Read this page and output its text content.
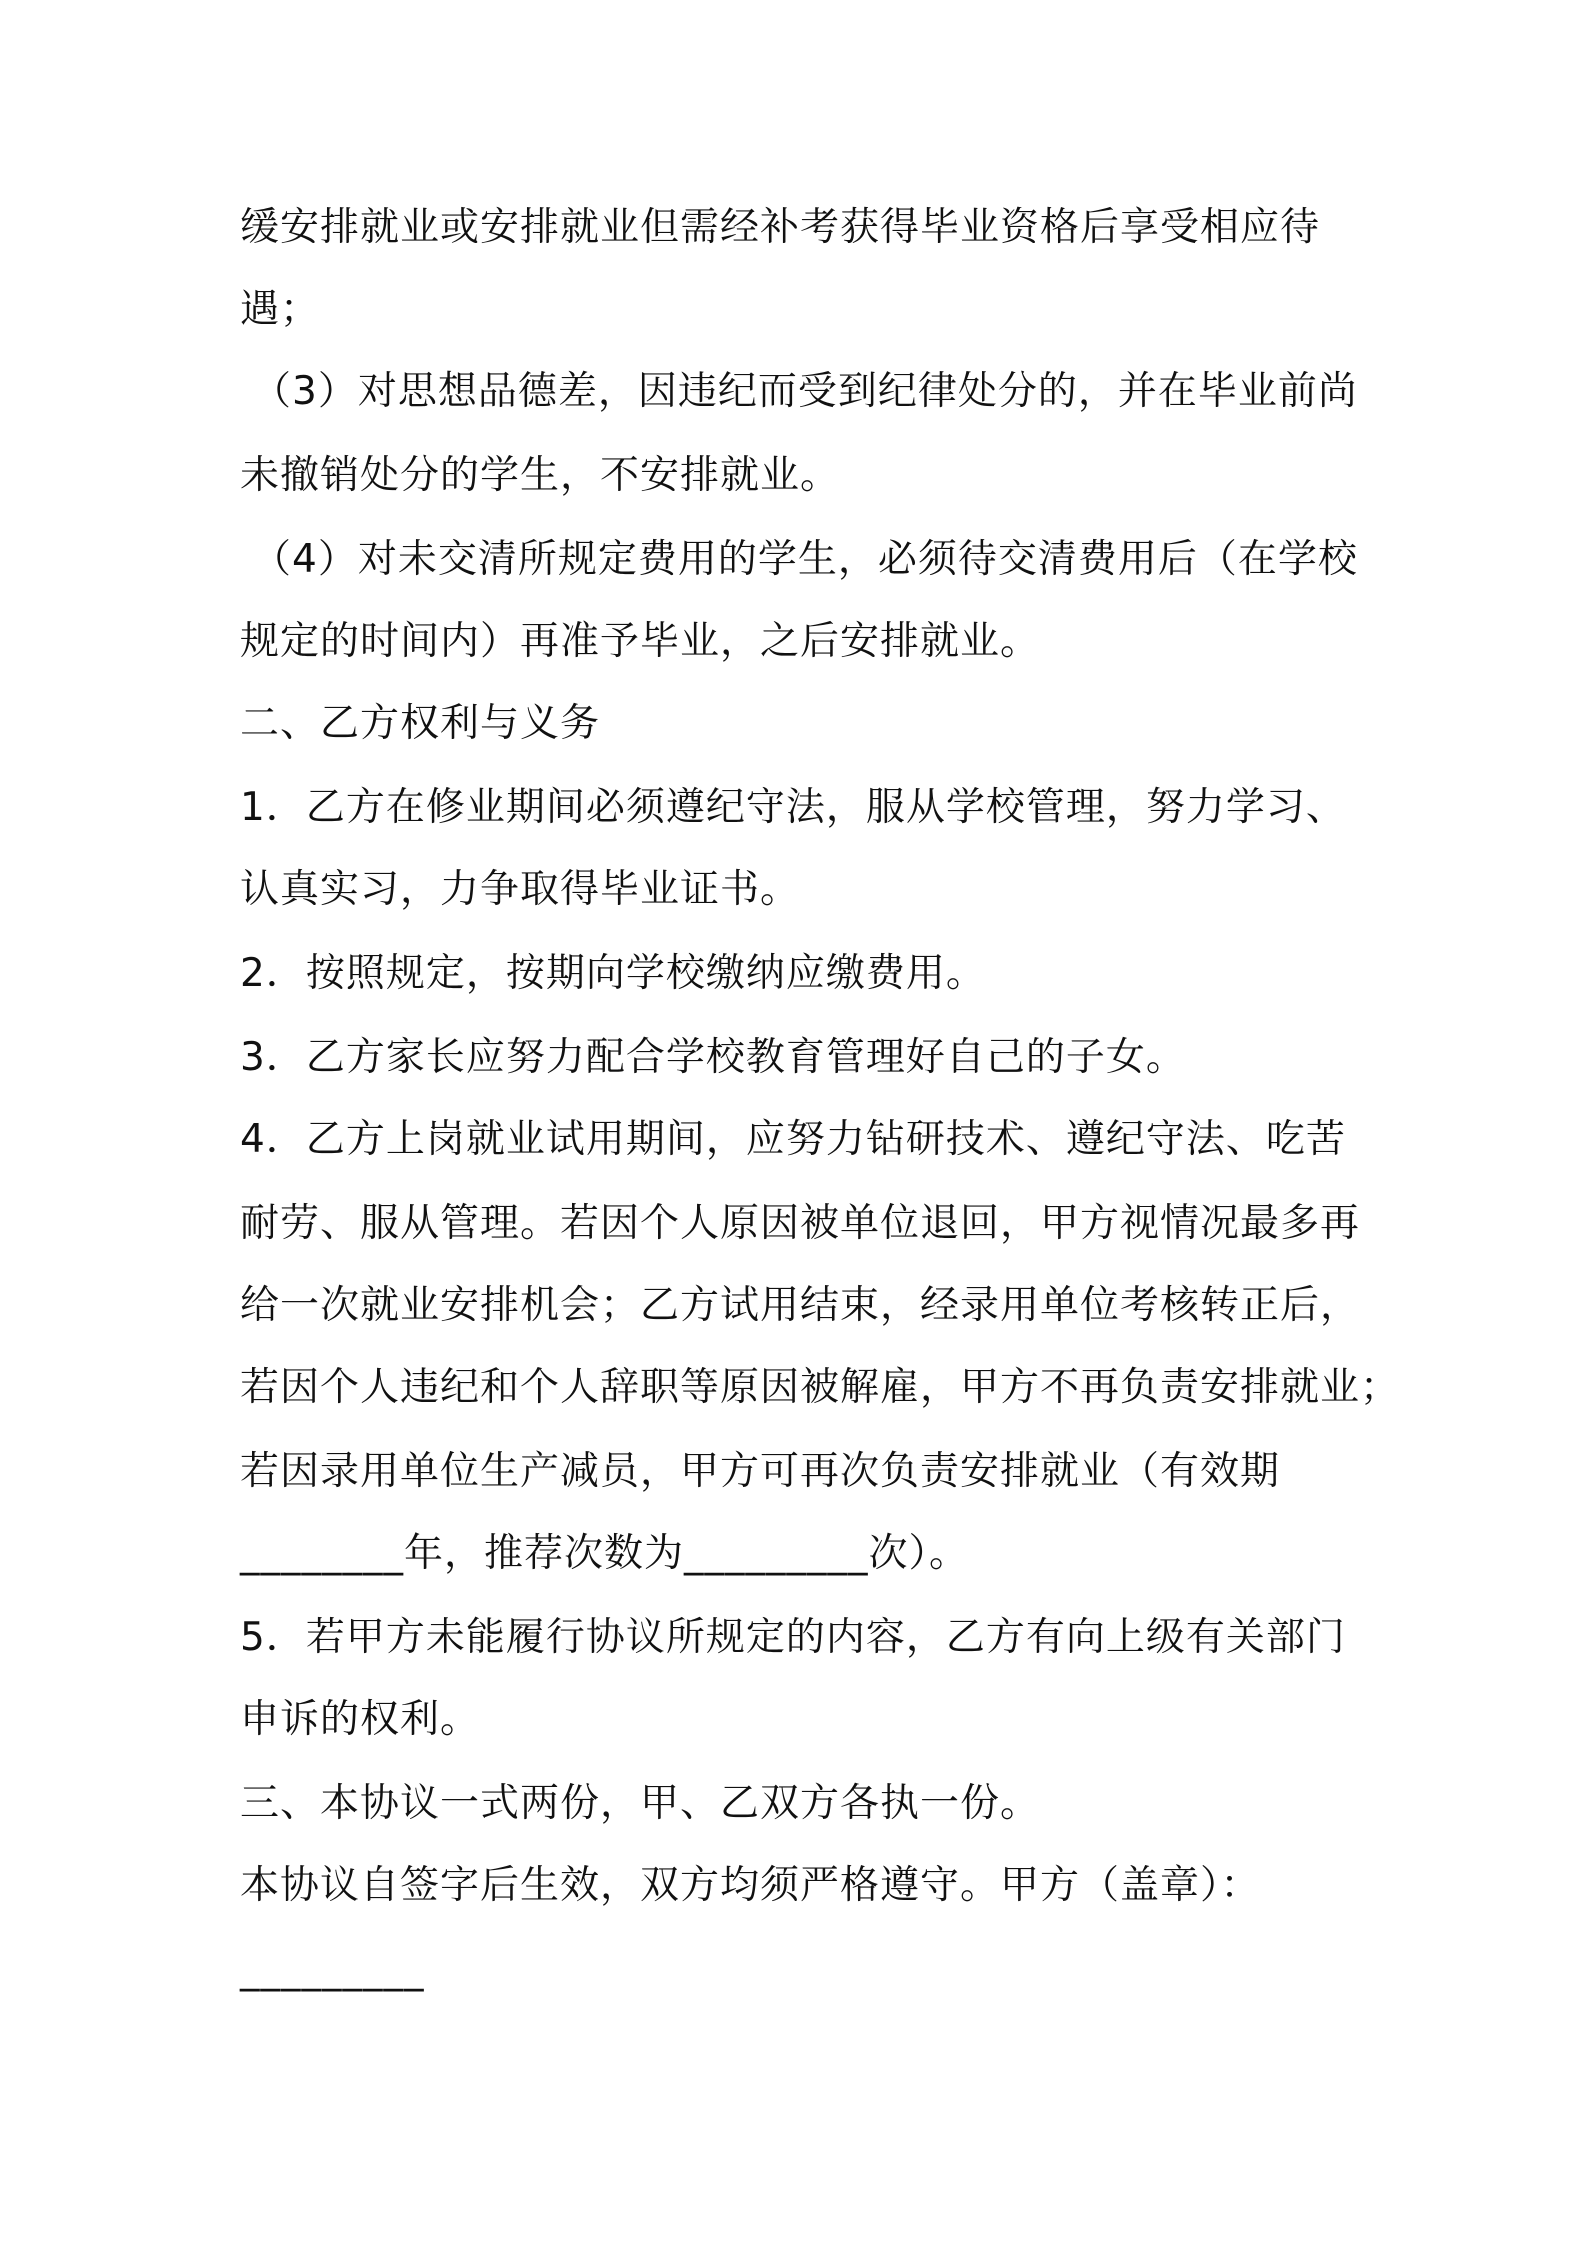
缓安排就业或安排就业但需经补考获得毕业资格后享受相应待
遇；
（3）对思想品德差，因违纪而受到纪律处分的，并在毕业前尚
未撤销处分的学生，不安排就业。
（4）对未交清所规定费用的学生，必须待交清费用后（在学校
规定的时间内）再准予毕业，之后安排就业。
二、乙方权利与义务
1．乙方在修业期间必须遵纪守法，服从学校管理，努力学习、
认真实习，力争取得毕业证书。
2．按照规定，按期向学校缴纳应缴费用。
3．乙方家长应努力配合学校教育管理好自己的子女。
4．乙方上岗就业试用期间，应努力钻研技术、遵纪守法、吃苦
耐劳、服从管理。若因个人原因被单位退回，甲方视情况最多再
给一次就业安排机会；乙方试用结束，经录用单位考核转正后，
若因个人违纪和个人辞职等原因被解雇，甲方不再负责安排就业；
若因录用单位生产减员，甲方可再次负责安排就业（有效期
________年，推荐次数为_________次）。
5．若甲方未能履行协议所规定的内容，乙方有向上级有关部门
申诉的权利。
三、本协议一式两份，甲、乙双方各执一份。
本协议自签字后生效，双方均须严格遵守。甲方（盖章）：
_________
